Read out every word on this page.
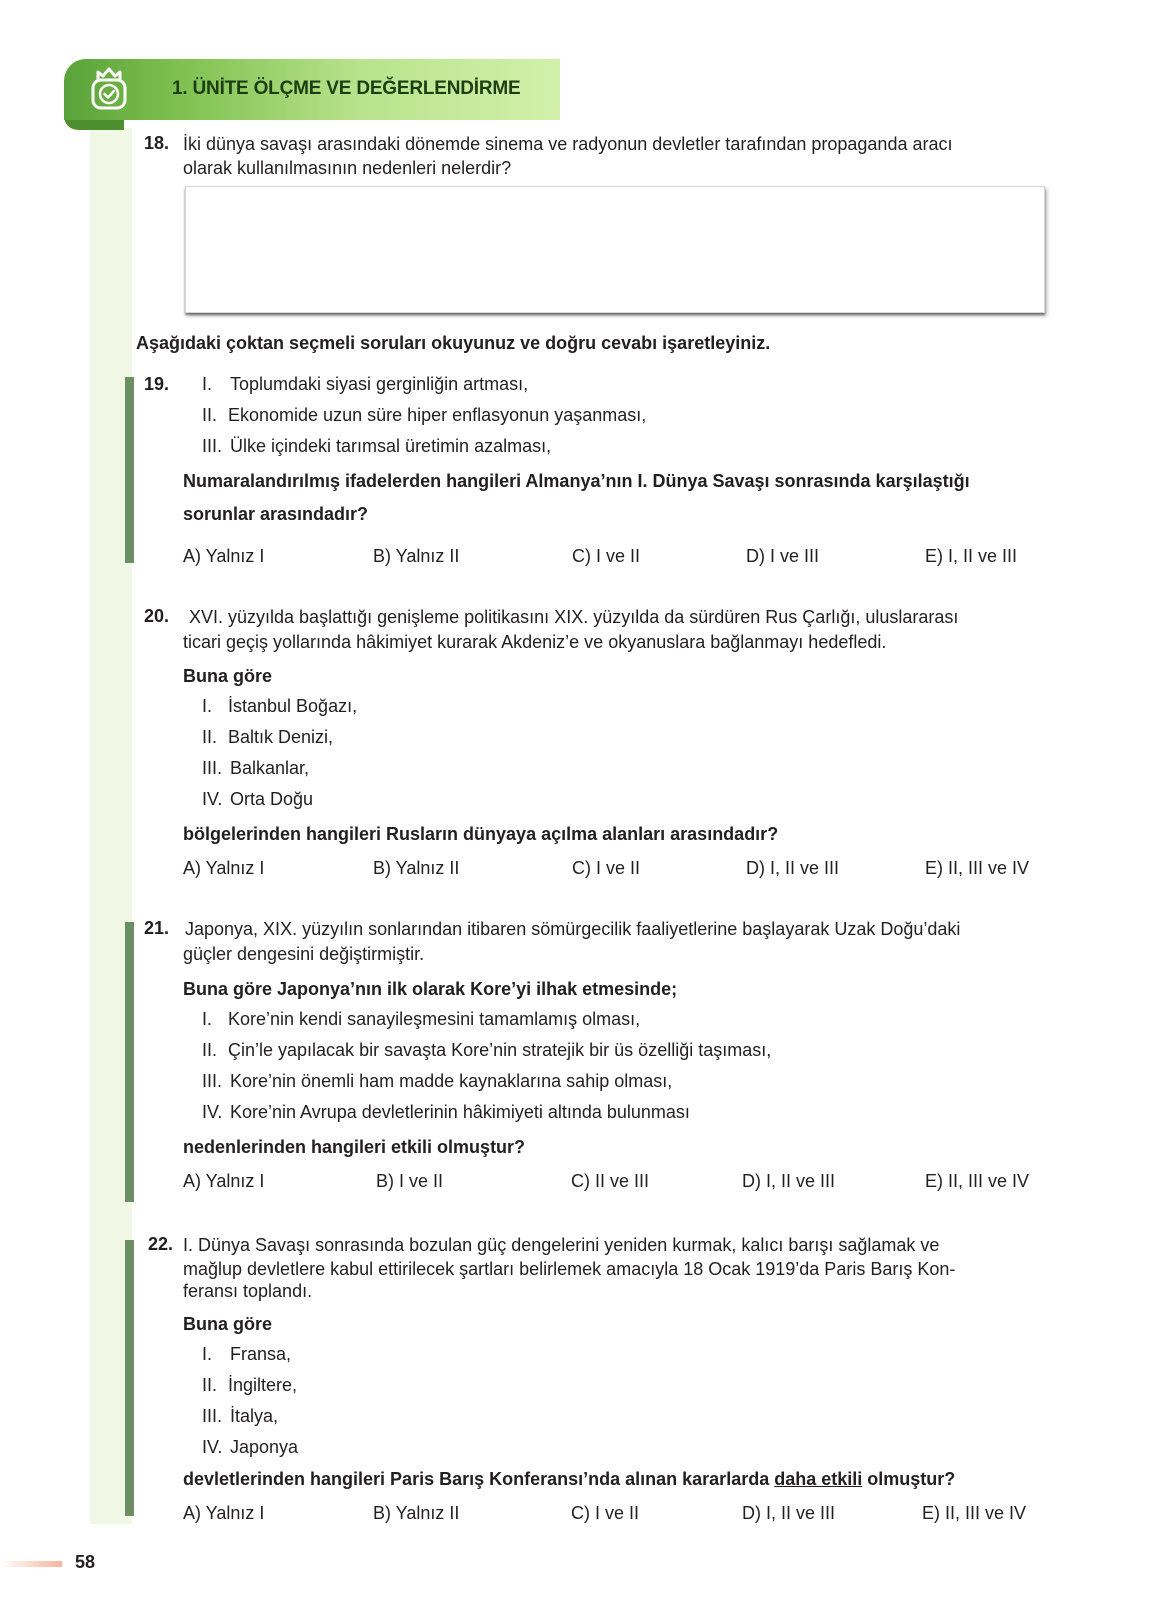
1. ÜNİTE ÖLÇME VE DEĞERLENDİRME
18. İki dünya savaşı arasındaki dönemde sinema ve radyonun devletler tarafından propaganda aracı
olarak kullanılmasının nedenleri nelerdir?
Aşağıdaki çoktan seçmeli soruları okuyunuz ve doğru cevabı işaretleyiniz.
19. I. Toplumdaki siyasi gerginliğin artması,
II. Ekonomide uzun süre hiper enflasyonun yaşanması,
III. Ülke içindeki tarımsal üretimin azalması,
Numaralandırılmış ifadelerden hangileri Almanya’nın I. Dünya Savaşı sonrasında karşılaştığı
sorunlar arasındadır?
A) Yalnız I	B) Yalnız II	C) I ve II	D) I ve III	E) I, II ve III
20. XVI. yüzyılda başlattığı genişleme politikasını XIX. yüzyılda da sürdüren Rus Çarlığı, uluslararası
ticari geçiş yollarında hâkimiyet kurarak Akdeniz’e ve okyanuslara bağlanmayı hedefledi.
Buna göre
I. İstanbul Boğazı,
II. Baltık Denizi,
III. Balkanlar,
IV. Orta Doğu
bölgelerinden hangileri Rusların dünyaya açılma alanları arasındadır?
A) Yalnız I	B) Yalnız II	C) I ve II	D) I, II ve III	E) II, III ve IV
21. Japonya, XIX. yüzyılın sonlarından itibaren sömürgecilik faaliyetlerine başlayarak Uzak Doğu’daki
güçler dengesini değiştirmiştir.
Buna göre Japonya’nın ilk olarak Kore’yi ilhak etmesinde;
I. Kore’nin kendi sanayileşmesini tamamlamış olması,
II. Çin’le yapılacak bir savaşta Kore’nin stratejik bir üs özelliği taşıması,
III. Kore’nin önemli ham madde kaynaklarına sahip olması,
IV. Kore’nin Avrupa devletlerinin hâkimiyeti altında bulunması
nedenlerinden hangileri etkili olmuştur?
A) Yalnız I	B) I ve II	C) II ve III	D) I, II ve III	E) II, III ve IV
22. I. Dünya Savaşı sonrasında bozulan güç dengelerini yeniden kurmak, kalıcı barışı sağlamak ve
mağlup devletlere kabul ettirilecek şartları belirlemek amacıyla 18 Ocak 1919’da Paris Barış Kon-
feransı toplandı.
Buna göre
I. Fransa,
II. İngiltere,
III. İtalya,
IV. Japonya
devletlerinden hangileri Paris Barış Konferansı’nda alınan kararlarda daha etkili olmuştur?
A) Yalnız I	B) Yalnız II	C) I ve II	D) I, II ve III	E) II, III ve IV
58
